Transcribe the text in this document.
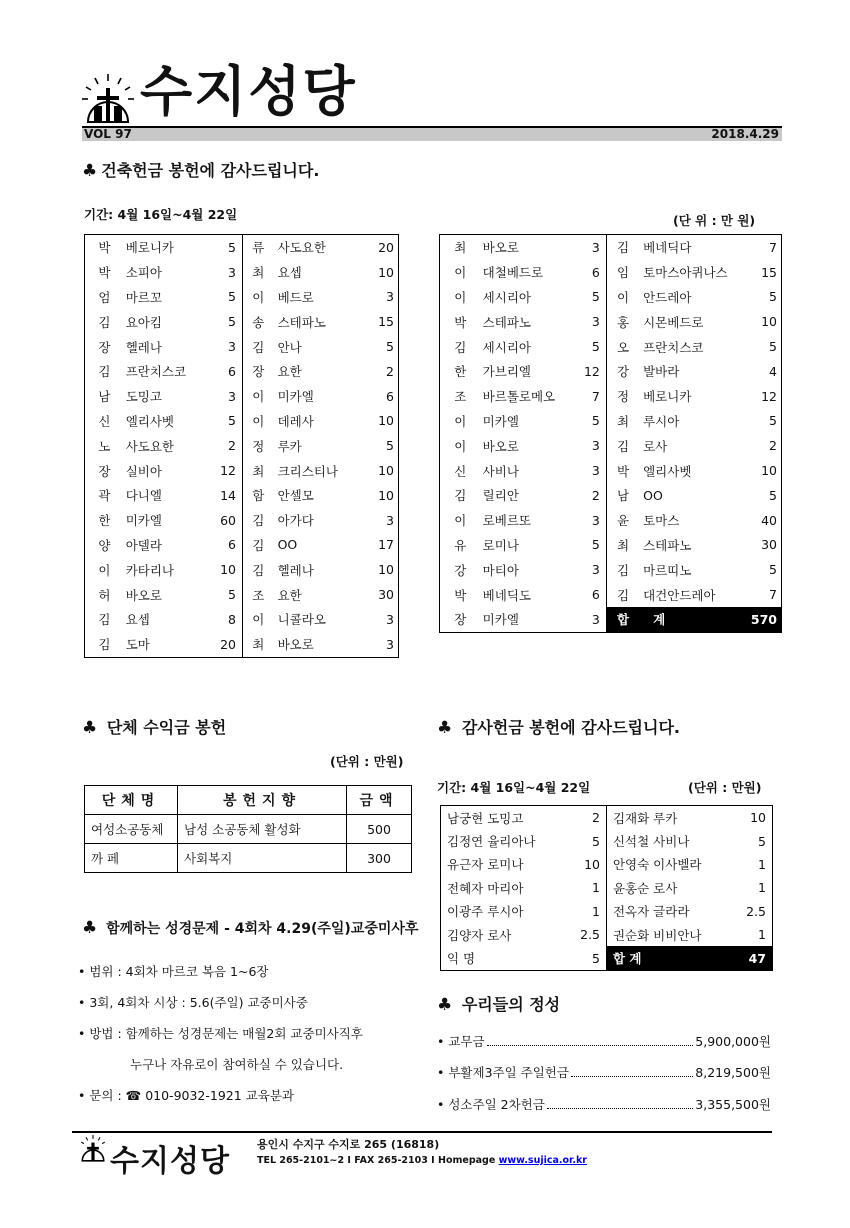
수지성당
VOL 97	2018.4.29
♣ 건축헌금 봉헌에 감사드립니다.
기간: 4월 16일~4월 22일	(단 위 : 만 원)
박	베로니카	5	류	사도요한	20
박	소피아	3	최	요셉	10
엄	마르꼬	5	이	베드로	3
김	요아킴	5	송	스테파노	15
장	헬레나	3	김	안나	5
김	프란치스코	6	장	요한	2
남	도밍고	3	이	미카엘	6
신	엘리사벳	5	이	데레사	10
노	사도요한	2	정	루카	5
장	실비아	12	최	크리스티나	10
곽	다니엘	14	함	안셀모	10
한	미카엘	60	김	아가다	3
양	아델라	6	김	OO	17
이	카타리나	10	김	헬레나	10
허	바오로	5	조	요한	30
김	요셉	8	이	니콜라오	3
김	도마	20	최	바오로	3
최	바오로	3	김	베네딕다	7
이	대철베드로	6	임	토마스아퀴나스	15
이	세시리아	5	이	안드레아	5
박	스테파노	3	홍	시몬베드로	10
김	세시리아	5	오	프란치스코	5
한	가브리엘	12	강	발바라	4
조	바르톨로메오	7	정	베로니카	12
이	미카엘	5	최	루시아	5
이	바오로	3	김	로사	2
신	사비나	3	박	엘리사벳	10
김	릴리안	2	남	OO	5
이	로베르또	3	윤	토마스	40
유	로미나	5	최	스테파노	30
강	마티아	3	김	마르띠노	5
박	베네딕도	6	김	대건안드레아	7
장	미카엘	3	합	계	570
♣ 단체 수익금 봉헌
(단위 : 만원)
단체명	봉헌지향	금액
여성소공동체	남성 소공동체 활성화	500
까 페	사회복지	300
♣ 함께하는 성경문제 - 4회차 4.29(주일)교중미사후
• 범위 : 4회차 마르코 복음 1~6장
• 3회, 4회차 시상 : 5.6(주일) 교중미사중
• 방법 : 함께하는 성경문제는 매월2회 교중미사직후
누구나 자유로이 참여하실 수 있습니다.
• 문의 : ☎ 010-9032-1921 교육분과
♣ 감사헌금 봉헌에 감사드립니다.
기간: 4월 16일~4월 22일	(단위 : 만원)
남궁현 도밍고	2	김재화 루카	10
김정연 율리아나	5	신석철 사비나	5
유근자 로미나	10	안영숙 이사벨라	1
전혜자 마리아	1	윤홍순 로사	1
이광주 루시아	1	전옥자 글라라	2.5
김양자 로사	2.5	권순화 비비안나	1
익 명	5	합 계	47
♣ 우리들의 정성
• 교무금	5,900,000원
• 부활제3주일 주일헌금	8,219,500원
• 성소주일 2차헌금	3,355,500원
수지성당 용인시 수지구 수지로 265 (16818)
TEL 265-2101~2 I FAX 265-2103 I Homepage www.sujica.or.kr
